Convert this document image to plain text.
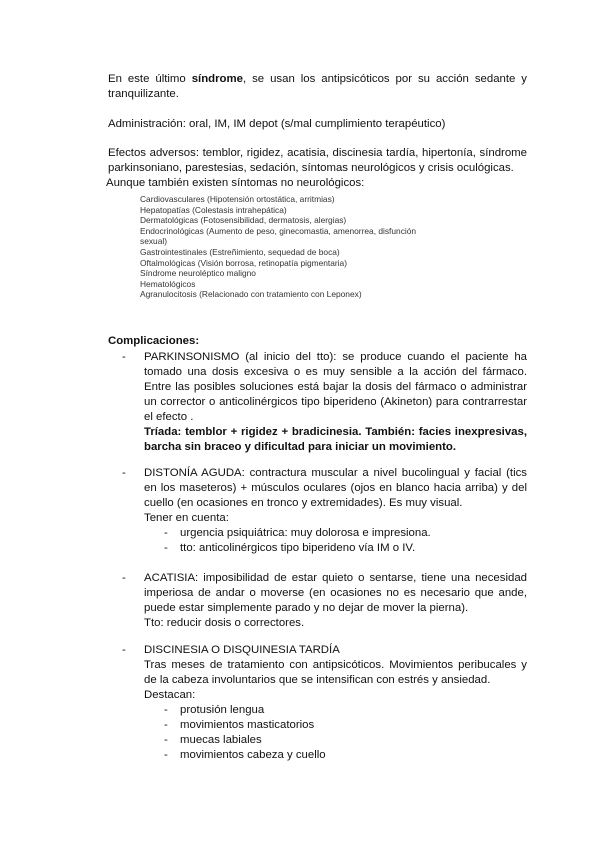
En este último síndrome, se usan los antipsicóticos por su acción sedante y tranquilizante.

Administración: oral, IM, IM depot (s/mal cumplimiento terapéutico)

Efectos adversos: temblor, rigidez, acatisia, discinesia tardía, hipertonía, síndrome parkinsoniano, parestesias, sedación, síntomas neurológicos y crisis oculógicas.
Aunque también existen síntomas no neurológicos:

Cardiovasculares (Hipotensión ortostática, arritmias)
Hepatopatías (Colestasis intrahepática)
Dermatológicas (Fotosensibilidad, dermatosis, alergias)
Endocrinológicas (Aumento de peso, ginecomastia, amenorrea, disfunción
sexual)
Gastrointestinales (Estreñimiento, sequedad de boca)
Oftalmológicas (Visión borrosa, retinopatía pigmentaria)
Síndrome neuroléptico maligno
Hematológicos
Agranulocitosis (Relacionado con tratamiento con Leponex)

Complicaciones:

- PARKINSONISMO (al inicio del tto): se produce cuando el paciente ha tomado una dosis excesiva o es muy sensible a la acción del fármaco. Entre las posibles soluciones está bajar la dosis del fármaco o administrar un corrector o anticolinérgicos tipo biperideno (Akineton) para contrarrestar el efecto .
Tríada: temblor + rigidez + bradicinesia. También: facies inexpresivas, barcha sin braceo y dificultad para iniciar un movimiento.
- DISTONÍA AGUDA: contractura muscular a nivel bucolingual y facial (tics en los maseteros) + músculos oculares (ojos en blanco hacia arriba) y del cuello (en ocasiones en tronco y extremidades). Es muy visual.
Tener en cuenta:
- urgencia psiquiátrica: muy dolorosa e impresiona.
- tto: anticolinérgicos tipo biperideno vía IM o IV.
- ACATISIA: imposibilidad de estar quieto o sentarse, tiene una necesidad imperiosa de andar o moverse (en ocasiones no es necesario que ande, puede estar simplemente parado y no dejar de mover la pierna).
Tto: reducir dosis o correctores.
- DISCINESIA O DISQUINESIA TARDÍA
Tras meses de tratamiento con antipsicóticos. Movimientos peribucales y de la cabeza involuntarios que se intensifican con estrés y ansiedad.
Destacan:
- protusión lengua
- movimientos masticatorios
- muecas labiales
- movimientos cabeza y cuello
